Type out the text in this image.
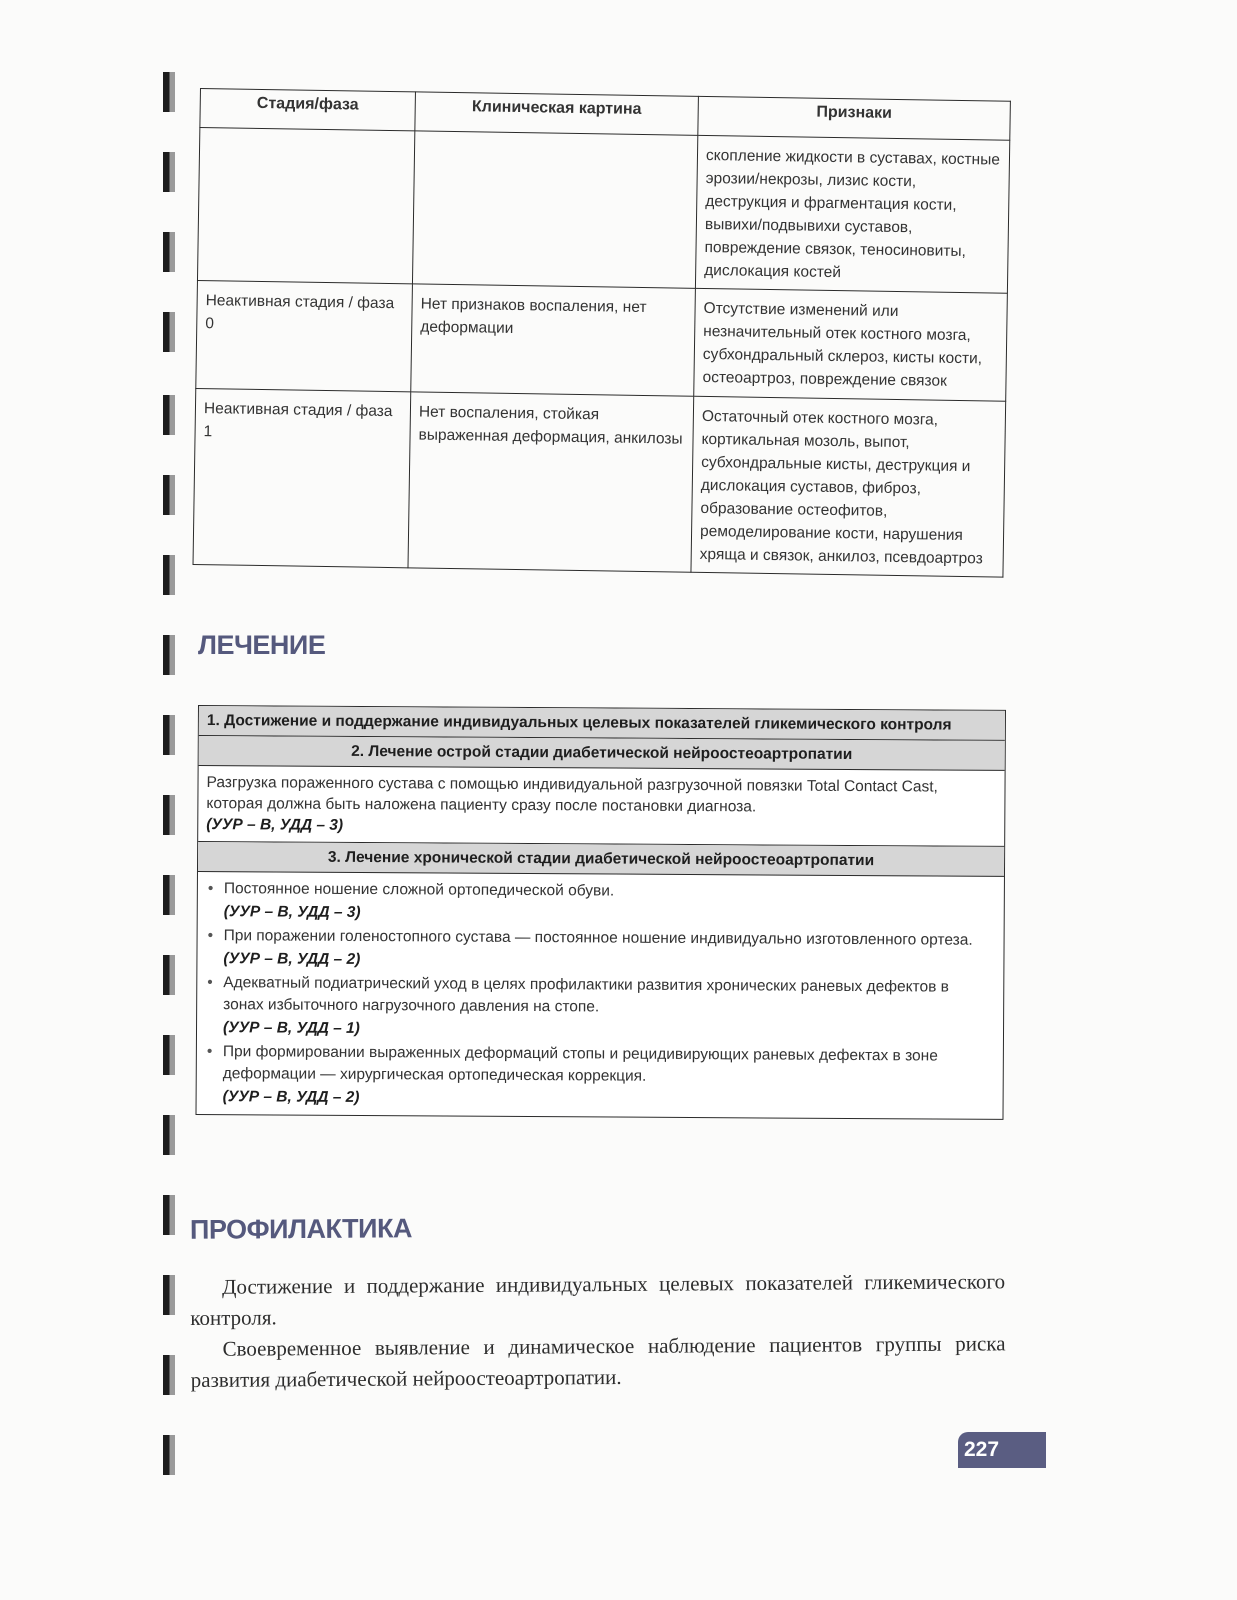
Стадия/фаза	Клиническая картина	Признаки
		скопление жидкости в суставах, костные эрозии/некрозы, лизис кости, деструкция и фрагментация кости, вывихи/подвывихи суставов, повреждение связок, теносиновиты, дислокация костей
Неактивная стадия / фаза 0	Нет признаков воспаления, нет деформации	Отсутствие изменений или незначительный отек костного мозга, субхондральный склероз, кисты кости, остеоартроз, повреждение связок
Неактивная стадия / фаза 1	Нет воспаления, стойкая выраженная деформация, анкилозы	Остаточный отек костного мозга, кортикальная мозоль, выпот, субхондральные кисты, деструкция и дислокация суставов, фиброз, образование остеофитов, ремоделирование кости, нарушения хряща и связок, анкилоз, псевдоартроз
ЛЕЧЕНИЕ
1. Достижение и поддержание индивидуальных целевых показателей гликемического контроля
2. Лечение острой стадии диабетической нейроостеоартропатии
Разгрузка пораженного сустава с помощью индивидуальной разгрузочной повязки Total Contact Cast, которая должна быть наложена пациенту сразу после постановки диагноза.
(УУР – В, УДД – 3)
3. Лечение хронической стадии диабетической нейроостеоартропатии
• Постоянное ношение сложной ортопедической обуви.
(УУР – В, УДД – 3)
• При поражении голеностопного сустава — постоянное ношение индивидуально изготовленного ортеза.
(УУР – В, УДД – 2)
• Адекватный подиатрический уход в целях профилактики развития хронических раневых дефектов в зонах избыточного нагрузочного давления на стопе.
(УУР – В, УДД – 1)
• При формировании выраженных деформаций стопы и рецидивирующих раневых дефектах в зоне деформации — хирургическая ортопедическая коррекция.
(УУР – В, УДД – 2)
ПРОФИЛАКТИКА

Достижение и поддержание индивидуальных целевых показателей гликемического контроля.

Своевременное выявление и динамическое наблюдение пациентов группы риска развития диабетической нейроостеоартропатии.

227
